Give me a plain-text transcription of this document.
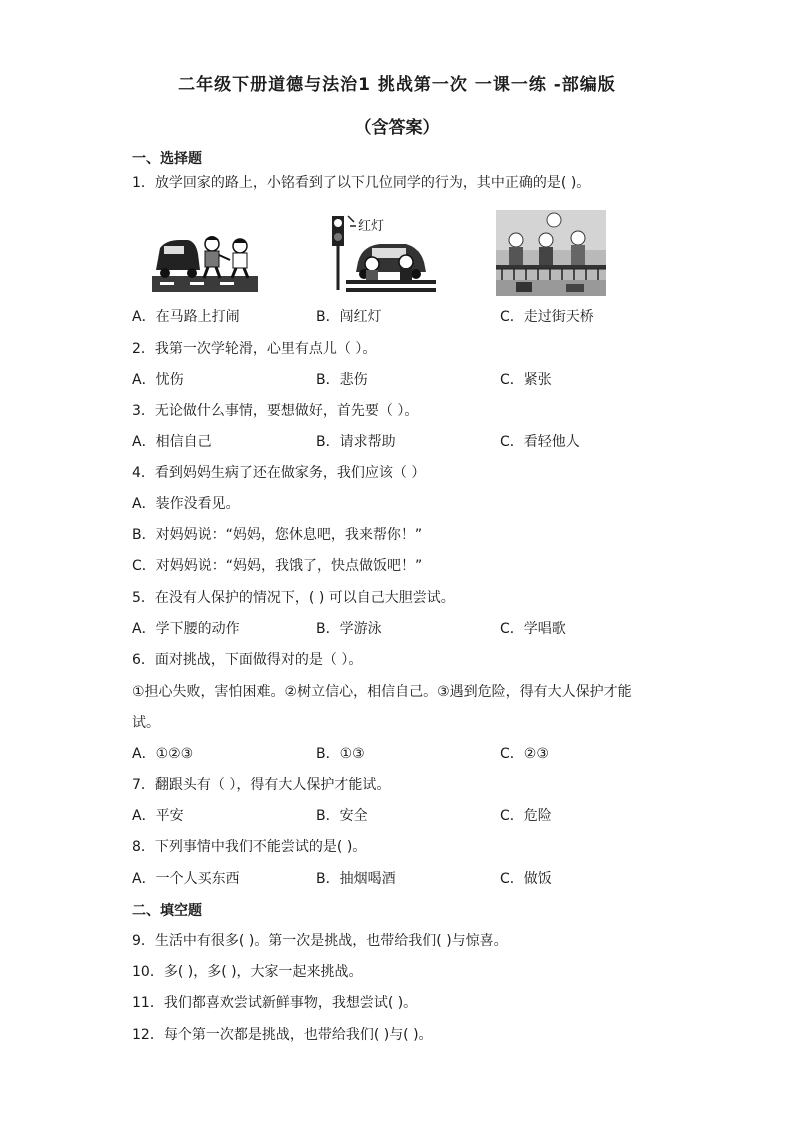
二年级下册道德与法治1 挑战第一次 一课一练 -部编版
（含答案）
一、选择题
1．放学回家的路上，小铭看到了以下几位同学的行为，其中正确的是( )。
红灯
A．在马路上打闹	B．闯红灯	C．走过街天桥
2．我第一次学轮滑，心里有点儿（ ）。
A．忧伤	B．悲伤	C．紧张
3．无论做什么事情，要想做好，首先要（ ）。
A．相信自己	B．请求帮助	C．看轻他人
4．看到妈妈生病了还在做家务，我们应该（ ）
A．装作没看见。
B．对妈妈说：“妈妈，您休息吧，我来帮你！”
C．对妈妈说：“妈妈，我饿了，快点做饭吧！”
5．在没有人保护的情况下，( ) 可以自己大胆尝试。
A．学下腰的动作	B．学游泳	C．学唱歌
6．面对挑战，下面做得对的是（ ）。
①担心失败，害怕困难。②树立信心，相信自己。③遇到危险，得有大人保护才能
试。
A．①②③	B．①③	C．②③
7．翻跟头有（ ），得有大人保护才能试。
A．平安	B．安全	C．危险
8．下列事情中我们不能尝试的是( )。
A．一个人买东西	B．抽烟喝酒	C．做饭
二、填空题
9．生活中有很多( )。第一次是挑战，也带给我们( )与惊喜。
10．多( )，多( )，大家一起来挑战。
11．我们都喜欢尝试新鲜事物，我想尝试( )。
12．每个第一次都是挑战，也带给我们( )与( )。
